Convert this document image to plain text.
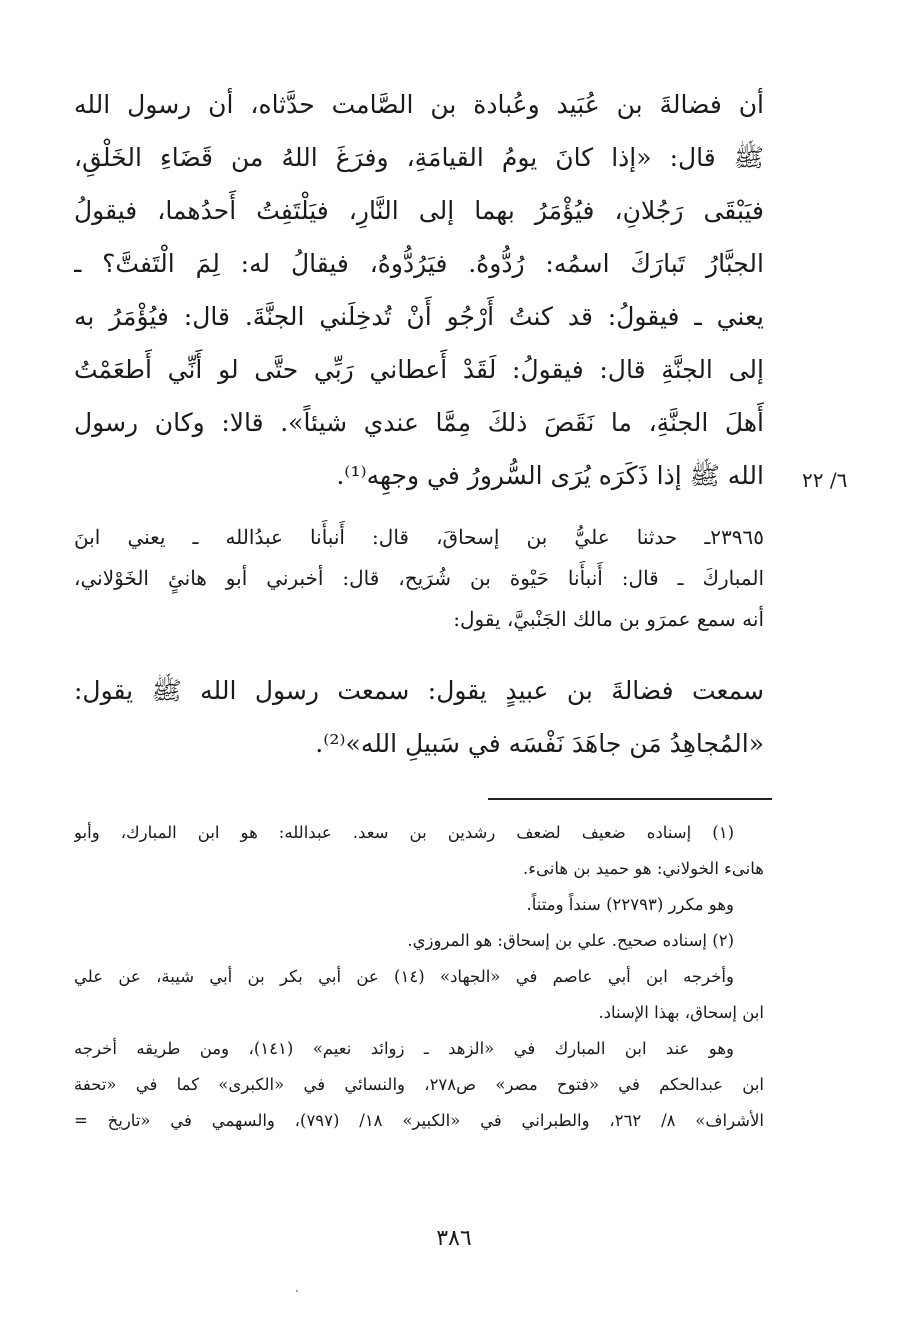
أن فضالةَ بن عُبَيد وعُبادة بن الصَّامت حدَّثاه، أن رسول الله
ﷺ قال: «إذا كانَ يومُ القيامَةِ، وفرَغَ اللهُ من قَضَاءِ الخَلْقِ،
فيَبْقَى رَجُلانِ، فيُؤْمَرُ بهما إلى النَّارِ، فيَلْتَفِتُ أَحدُهما، فيقولُ
الجبَّارُ تَبارَكَ اسمُه: رُدُّوهُ. فيَرُدُّوهُ، فيقالُ له: لِمَ الْتَفتَّ؟ ـ
يعني ـ فيقولُ: قد كنتُ أَرْجُو أَنْ تُدخِلَني الجنَّةَ. قال: فيُؤْمَرُ به
إلى الجنَّةِ قال: فيقولُ: لَقَدْ أَعطاني رَبِّي حتَّى لو أَنِّي أَطعَمْتُ
أَهلَ الجنَّةِ، ما نَقَصَ ذلكَ مِمَّا عندي شيئاً». قالا: وكان رسول
الله ﷺ إذا ذَكَرَه يُرَى السُّرورُ في وجهِه⁽¹⁾. ٦/ ٢٢
٢٣٩٦٥ـ حدثنا عليُّ بن إسحاقَ، قال: أَنبأَنا عبدُالله ـ يعني ابنَ
المباركَ ـ قال: أَنبأَنا حَيْوة بن شُرَيح، قال: أخبرني أبو هانئٍ الخَوْلاني،
أنه سمع عمرَو بن مالك الجَنْبيَّ، يقول:
سمعت فضالةَ بن عبيدٍ يقول: سمعت رسول الله ﷺ يقول:
«المُجاهِدُ مَن جاهَدَ نَفْسَه في سَبيلِ الله»⁽²⁾.
(١) إسناده ضعيف لضعف رشدين بن سعد. عبدالله: هو ابن المبارك، وأبو
هانىء الخولاني: هو حميد بن هانىء.
وهو مكرر (٢٢٧٩٣) سنداً ومتناً.
(٢) إسناده صحيح. علي بن إسحاق: هو المروزي.
وأخرجه ابن أبي عاصم في «الجهاد» (١٤) عن أبي بكر بن أبي شيبة، عن علي
ابن إسحاق، بهذا الإسناد.
وهو عند ابن المبارك في «الزهد ـ زوائد نعيم» (١٤١)، ومن طريقه أخرجه
ابن عبدالحكم في «فتوح مصر» ص٢٧٨، والنسائي في «الكبرى» كما في «تحفة
الأشراف» ٨/ ٢٦٢، والطبراني في «الكبير» ١٨/ (٧٩٧)، والسهمي في «تاريخ =
٣٨٦
